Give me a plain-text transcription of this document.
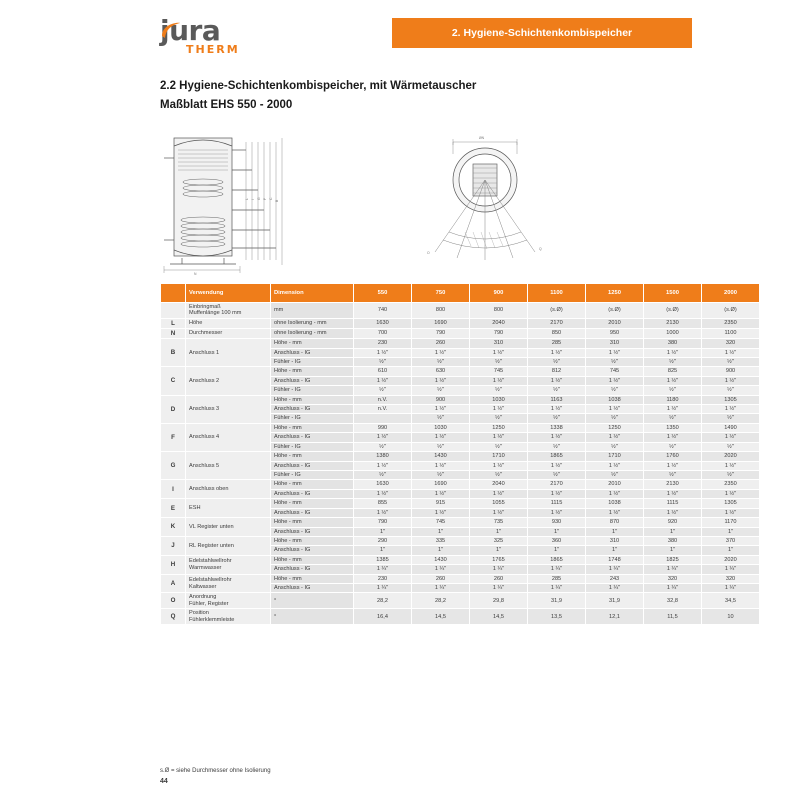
jura
THERM
2. Hygiene-Schichtenkombispeicher
2.2 Hygiene-Schichtenkombispeicher, mit Wärmetauscher
Maßblatt EHS 550 - 2000
L I G F C
B
N
ØN
O
Q
	Verwendung	Dimension	550	750	900	1100	1250	1500	2000
	Einbringmaß
Muffenlänge 100 mm	mm	740	800	800	(s.Ø)	(s.Ø)	(s.Ø)	(s.Ø)
L	Höhe	ohne Isolierung - mm	1630	1690	2040	2170	2010	2130	2350
N	Durchmesser	ohne Isolierung - mm	700	790	790	850	950	1000	1100
B	Anschluss 1	Höhe - mm	230	260	310	285	310	380	320
		Anschluss - IG	1 ½"	1 ½"	1 ½"	1 ½"	1 ½"	1 ½"	1 ½"
		Fühler - IG	½"	½"	½"	½"	½"	½"	½"
C	Anschluss 2	Höhe - mm	610	630	745	812	745	825	900
		Anschluss - IG	1 ½"	1 ½"	1 ½"	1 ½"	1 ½"	1 ½"	1 ½"
		Fühler - IG	½"	½"	½"	½"	½"	½"	½"
D	Anschluss 3	Höhe - mm	n.V.	900	1030	1163	1038	1180	1305
		Anschluss - IG	n.V.	1 ½"	1 ½"	1 ½"	1 ½"	1 ½"	1 ½"
		Fühler - IG		½"	½"	½"	½"	½"	½"
F	Anschluss 4	Höhe - mm	990	1030	1250	1338	1250	1350	1490
		Anschluss - IG	1 ½"	1 ½"	1 ½"	1 ½"	1 ½"	1 ½"	1 ½"
		Fühler - IG	½"	½"	½"	½"	½"	½"	½"
G	Anschluss 5	Höhe - mm	1380	1430	1710	1865	1710	1760	2020
		Anschluss - IG	1 ½"	1 ½"	1 ½"	1 ½"	1 ½"	1 ½"	1 ½"
		Fühler - IG	½"	½"	½"	½"	½"	½"	½"
I	Anschluss oben	Höhe - mm	1630	1690	2040	2170	2010	2130	2350
		Anschluss - IG	1 ½"	1 ½"	1 ½"	1 ½"	1 ½"	1 ½"	1 ½"
E	ESH	Höhe - mm	855	915	1055	1115	1038	1115	1305
		Anschluss - IG	1 ½"	1 ½"	1 ½"	1 ½"	1 ½"	1 ½"	1 ½"
K	VL Register unten	Höhe - mm	790	745	735	930	870	920	1170
		Anschluss - IG	1"	1"	1"	1"	1"	1"	1"
J	RL Register unten	Höhe - mm	290	335	325	360	310	380	370
		Anschluss - IG	1"	1"	1"	1"	1"	1"	1"
H	Edelstahlwellrohr
Warmwasser	Höhe - mm	1385	1430	1765	1865	1748	1825	2020
		Anschluss - IG	1 ¼"	1 ¼"	1 ¼"	1 ¼"	1 ¼"	1 ¼"	1 ¼"
A	Edelstahlwellrohr
Kaltwasser	Höhe - mm	230	260	260	285	243	320	320
		Anschluss - IG	1 ¼"	1 ¼"	1 ¼"	1 ¼"	1 ¼"	1 ¼"	1 ¼"
O	Anordnung
Fühler, Register	°	28,2	28,2	29,8	31,9	31,9	32,8	34,5
Q	Position
Fühlerklemmleiste	°	16,4	14,5	14,5	13,5	12,1	11,5	10
s.Ø = siehe Durchmesser ohne Isolierung
44
